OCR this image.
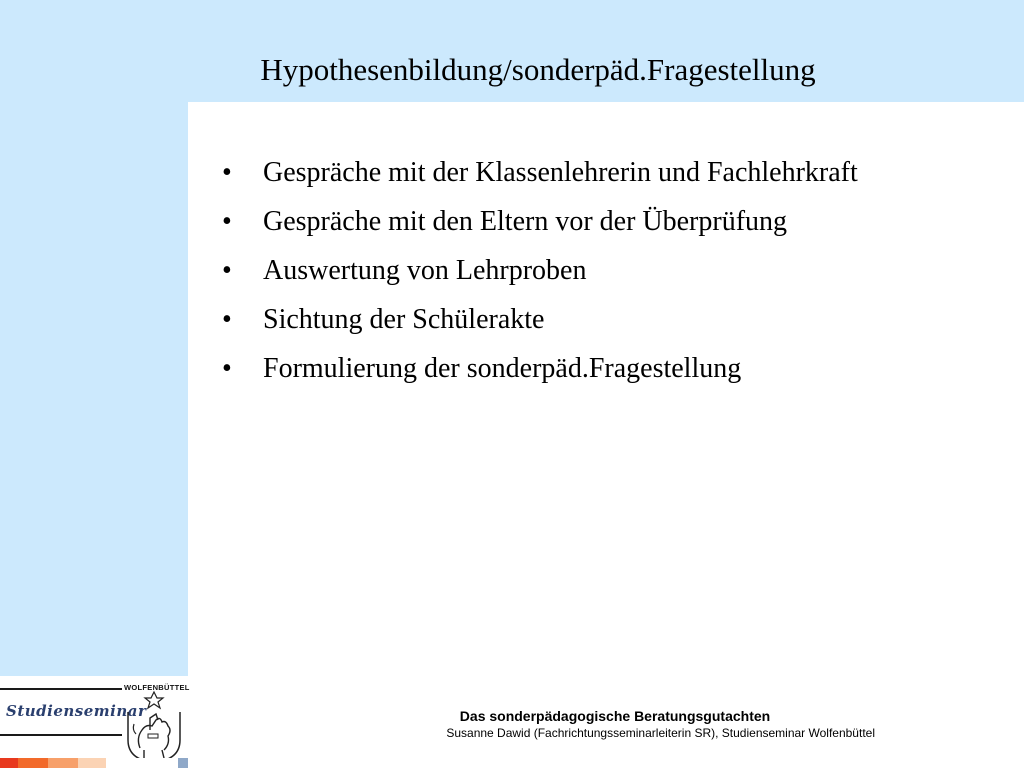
Hypothesenbildung/sonderpäd.Fragestellung
• Gespräche mit der Klassenlehrerin und Fachlehrkraft
• Gespräche mit den Eltern vor der Überprüfung
• Auswertung von Lehrproben
• Sichtung der Schülerakte
• Formulierung der sonderpäd.Fragestellung
WOLFENBÜTTEL
Studienseminar	Das sonderpädagogische Beratungsgutachten

Susanne Dawid (Fachrichtungsseminarleiterin SR), Studienseminar Wolfenbüttel
